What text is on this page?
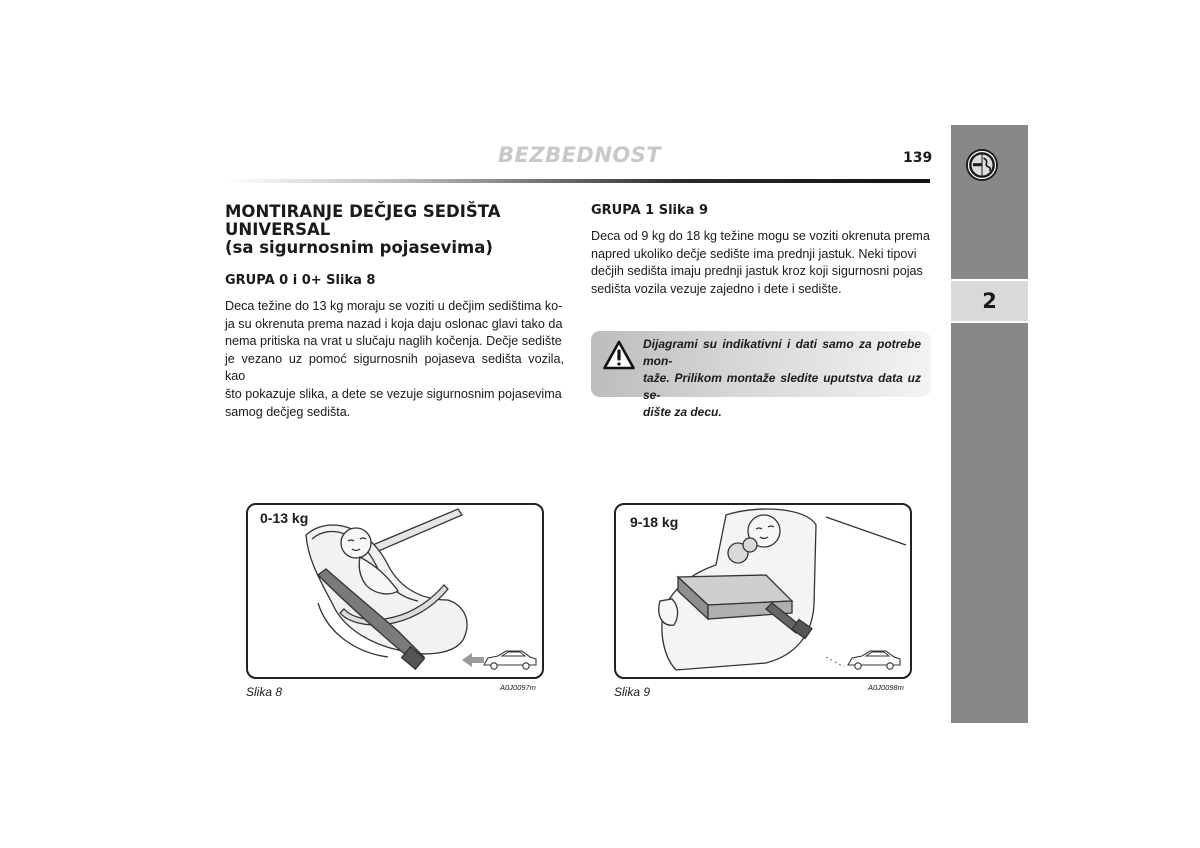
BEZBEDNOST	139
2
MONTIRANJE DEČJEG SEDIŠTA
UNIVERSAL
(sa sigurnosnim pojasevima)
GRUPA 0 i 0+ Slika 8
Deca težine do 13 kg moraju se voziti u dečjim sedištima ko-
ja su okrenuta prema nazad i koja daju oslonac glavi tako da
nema pritiska na vrat u slučaju naglih kočenja. Dečje sedište
je vezano uz pomoć sigurnosnih pojaseva sedišta vozila, kao
što pokazuje slika, a dete se vezuje sigurnosnim pojasevima
samog dečjeg sedišta.
GRUPA 1 Slika 9
Deca od 9 kg do 18 kg težine mogu se voziti okrenuta prema
napred ukoliko dečje sedište ima prednji jastuk. Neki tipovi
dečjih sedišta imaju prednji jastuk kroz koji sigurnosni pojas
sedišta vozila vezuje zajedno i dete i sedište.
Dijagrami su indikativni i dati samo za potrebe mon-
taže. Prilikom montaže sledite uputstva data uz se-
dište za decu.
0-13 kg
Slika 8	A0J0097m
9-18 kg
Slika 9	A0J0098m
